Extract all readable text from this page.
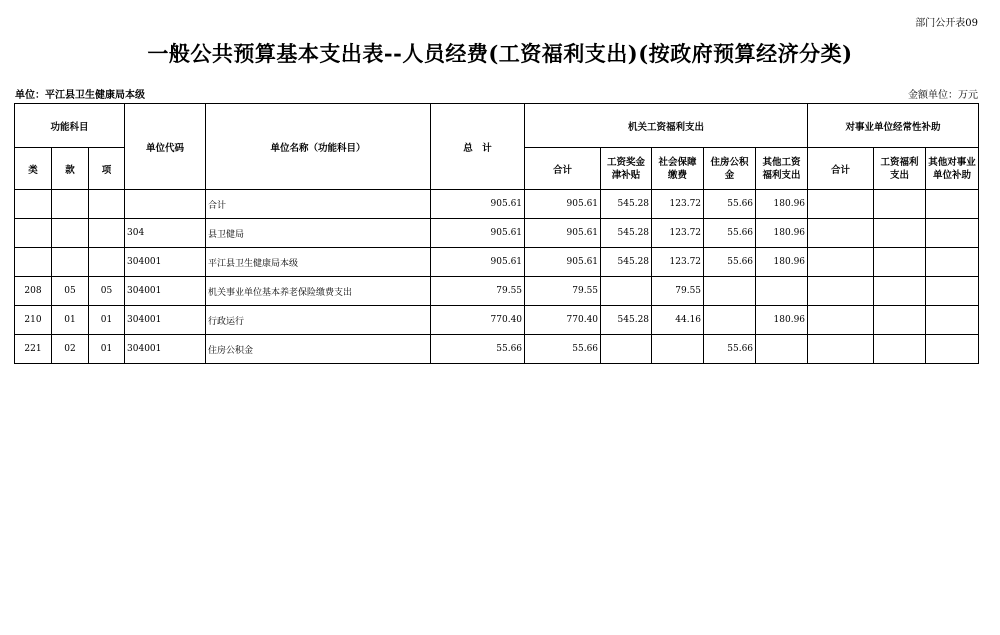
部门公开表09
一般公共预算基本支出表--人员经费(工资福利支出)(按政府预算经济分类)
单位：平江县卫生健康局本级	金额单位：万元
功能科目			单位代码	单位名称（功能科目）	总　计	机关工资福利支出					对事业单位经常性补助		
类	款	项				合计	工资奖金津补贴	社会保障缴费	住房公积金	其他工资福利支出	合计	工资福利支出	其他对事业单位补助
				合计	905.61	905.61	545.28	123.72	55.66	180.96			
			304	县卫健局	905.61	905.61	545.28	123.72	55.66	180.96			
			304001	平江县卫生健康局本级	905.61	905.61	545.28	123.72	55.66	180.96			
208	05	05	304001	机关事业单位基本养老保险缴费支出	79.55	79.55		79.55					
210	01	01	304001	行政运行	770.40	770.40	545.28	44.16		180.96			
221	02	01	304001	住房公积金	55.66	55.66			55.66				
